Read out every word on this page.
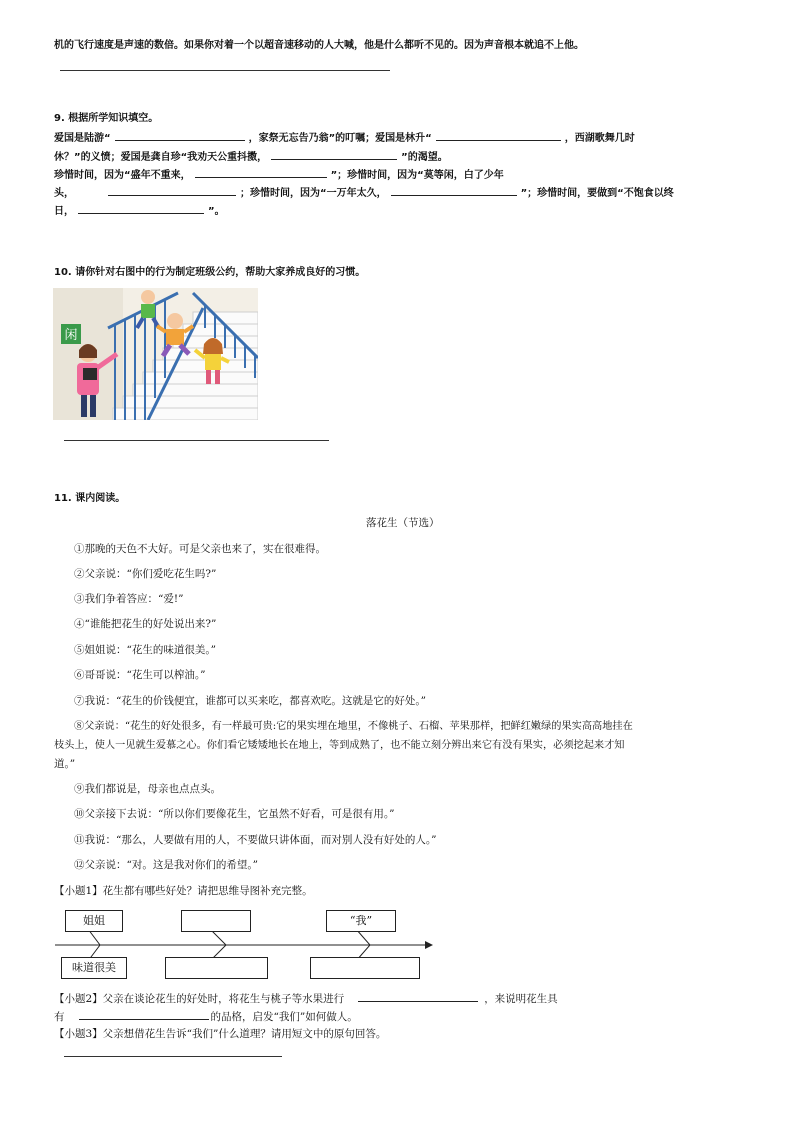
机的飞行速度是声速的数倍。如果你对着一个以超音速移动的人大喊，他是什么都听不见的。因为声音根本就追不上他。
9. 根据所学知识填空。
爱国是陆游“	，家祭无忘告乃翁”的叮嘱；爱国是林升“	，西湖歌舞几时
休？”的义愤；爱国是龚自珍“我劝天公重抖擞，	”的渴望。
珍惜时间，因为“盛年不重来，	”；珍惜时间，因为“莫等闲，白了少年
头，	；珍惜时间，因为“一万年太久，	”；珍惜时间，要做到“不饱食以终
日，	”。
10. 请你针对右图中的行为制定班级公约，帮助大家养成良好的习惯。
闲
11. 课内阅读。
落花生（节选）
①那晚的天色不大好。可是父亲也来了，实在很难得。
②父亲说：“你们爱吃花生吗?”
③我们争着答应：“爱!”
④“谁能把花生的好处说出来?”
⑤姐姐说：“花生的味道很美。”
⑥哥哥说：“花生可以榨油。”
⑦我说：“花生的价钱便宜，谁都可以买来吃，都喜欢吃。这就是它的好处。”
⑧父亲说：“花生的好处很多，有一样最可贵:它的果实埋在地里，不像桃子、石榴、苹果那样，把鲜红嫩绿的果实高高地挂在
枝头上，使人一见就生爱慕之心。你们看它矮矮地长在地上，等到成熟了，也不能立刻分辨出来它有没有果实，必须挖起来才知
道。”
⑨我们都说是，母亲也点点头。
⑩父亲接下去说：“所以你们要像花生，它虽然不好看，可是很有用。”
⑪我说：“那么，人要做有用的人，不要做只讲体面，而对别人没有好处的人。”
⑫父亲说：“对。这是我对你们的希望。”
【小题1】花生都有哪些好处？请把思维导图补充完整。
姐姐	“我”
味道很美
【小题2】父亲在谈论花生的好处时，将花生与桃子等水果进行	，来说明花生具
有	的品格，启发“我们”如何做人。
【小题3】父亲想借花生告诉“我们”什么道理？请用短文中的原句回答。
